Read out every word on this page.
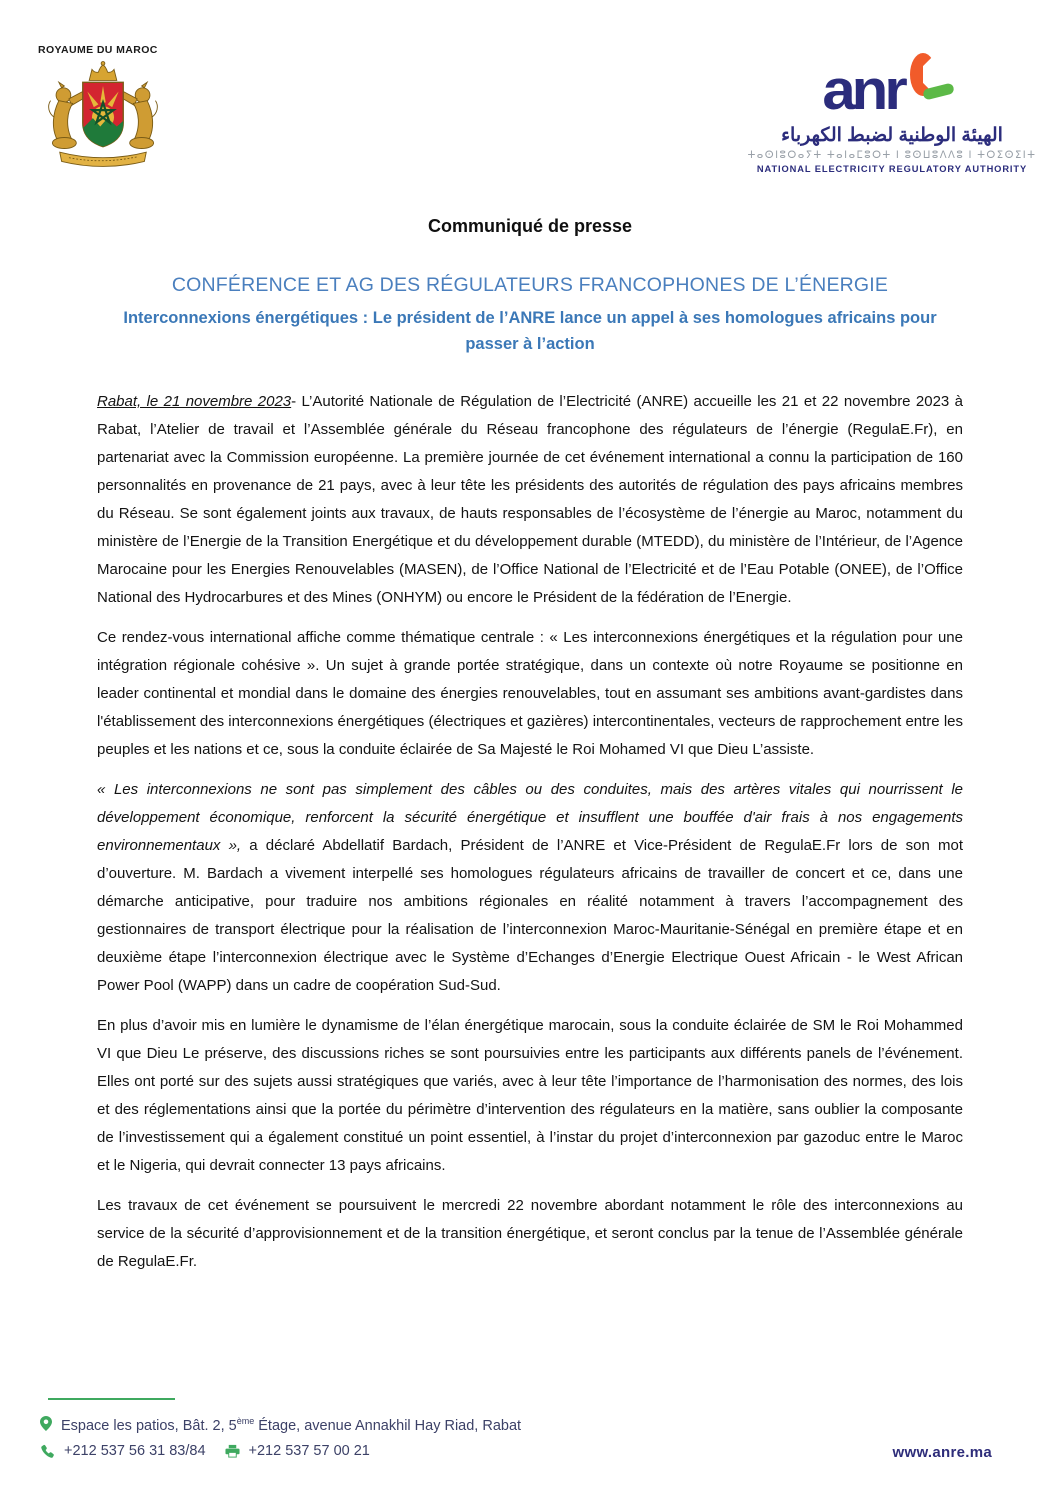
ROYAUME DU MAROC
anr
الهيئة الوطنية لضبط الكهرباء
ⵜⴰⵙⵏⵓⵔⴰⵢⵜ ⵜⴰⵏⴰⵎⵓⵔⵜ ⵏ ⵓⵙⵡⵓⴷⴷⵓ ⵏ ⵜⵔⵉⵙⵉⵏⵜ
NATIONAL ELECTRICITY REGULATORY AUTHORITY
Communiqué de presse
CONFÉRENCE ET AG DES RÉGULATEURS FRANCOPHONES DE L’ÉNERGIE
Interconnexions énergétiques : Le président de l’ANRE lance un appel à ses homologues africains pour passer à l’action

Rabat, le 21 novembre 2023- L’Autorité Nationale de Régulation de l’Electricité (ANRE) accueille les 21 et 22 novembre 2023 à Rabat, l’Atelier de travail et l’Assemblée générale du Réseau francophone des régulateurs de l’énergie (RegulaE.Fr), en partenariat avec la Commission européenne. La première journée de cet événement international a connu la participation de 160 personnalités en provenance de 21 pays, avec à leur tête les présidents des autorités de régulation des pays africains membres du Réseau. Se sont également joints aux travaux, de hauts responsables de l’écosystème de l’énergie au Maroc, notamment du ministère de l’Energie de la Transition Energétique et du développement durable (MTEDD), du ministère de l’Intérieur, de l’Agence Marocaine pour les Energies Renouvelables (MASEN), de l’Office National de l’Electricité et de l’Eau Potable (ONEE), de l’Office National des Hydrocarbures et des Mines (ONHYM) ou encore le Président de la fédération de l’Energie.

Ce rendez-vous international affiche comme thématique centrale : « Les interconnexions énergétiques et la régulation pour une intégration régionale cohésive ». Un sujet à grande portée stratégique, dans un contexte où notre Royaume se positionne en leader continental et mondial dans le domaine des énergies renouvelables, tout en assumant ses ambitions avant-gardistes dans l'établissement des interconnexions énergétiques (électriques et gazières) intercontinentales, vecteurs de rapprochement entre les peuples et les nations et ce, sous la conduite éclairée de Sa Majesté le Roi Mohamed VI que Dieu L’assiste.

« Les interconnexions ne sont pas simplement des câbles ou des conduites, mais des artères vitales qui nourrissent le développement économique, renforcent la sécurité énergétique et insufflent une bouffée d'air frais à nos engagements environnementaux », a déclaré Abdellatif Bardach, Président de l’ANRE et Vice-Président de RegulaE.Fr lors de son mot d’ouverture. M. Bardach a vivement interpellé ses homologues régulateurs africains de travailler de concert et ce, dans une démarche anticipative, pour traduire nos ambitions régionales en réalité notamment à travers l’accompagnement des gestionnaires de transport électrique pour la réalisation de l’interconnexion Maroc-Mauritanie-Sénégal en première étape et en deuxième étape l’interconnexion électrique avec le Système d’Echanges d’Energie Electrique Ouest Africain - le West African Power Pool (WAPP) dans un cadre de coopération Sud-Sud.

En plus d’avoir mis en lumière le dynamisme de l’élan énergétique marocain, sous la conduite éclairée de SM le Roi Mohammed VI que Dieu Le préserve, des discussions riches se sont poursuivies entre les participants aux différents panels de l’événement. Elles ont porté sur des sujets aussi stratégiques que variés, avec à leur tête l’importance de l’harmonisation des normes, des lois et des réglementations ainsi que la portée du périmètre d’intervention des régulateurs en la matière, sans oublier la composante de l’investissement qui a également constitué un point essentiel, à l’instar du projet d’interconnexion par gazoduc entre le Maroc et le Nigeria, qui devrait connecter 13 pays africains.

Les travaux de cet événement se poursuivent le mercredi 22 novembre abordant notamment le rôle des interconnexions au service de la sécurité d’approvisionnement et de la transition énergétique, et seront conclus par la tenue de l’Assemblée générale de RegulaE.Fr.

Espace les patios, Bât. 2, 5ème Étage, avenue Annakhil Hay Riad, Rabat
+212 537 56 31 83/84	+212 537 57 00 21	www.anre.ma
